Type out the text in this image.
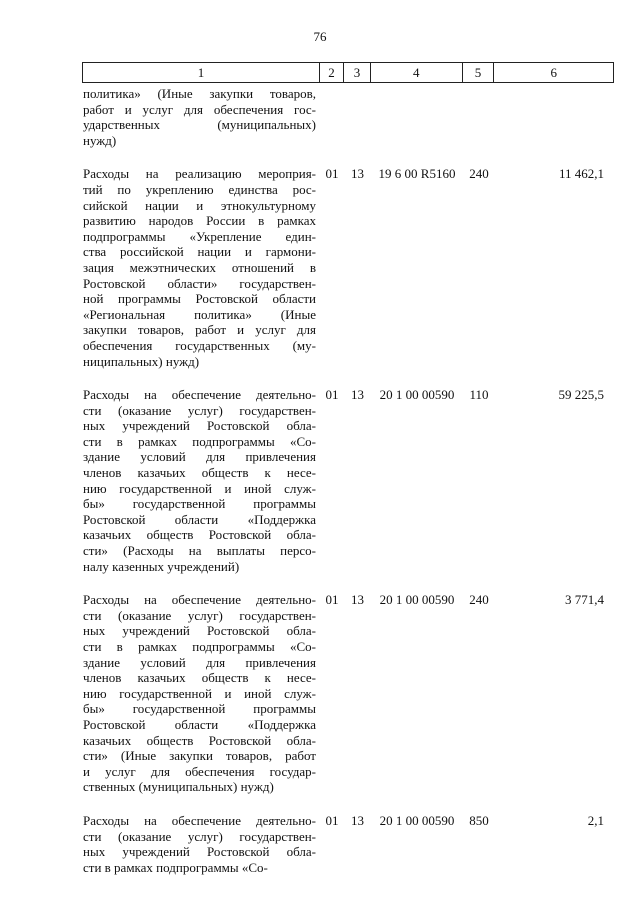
76
1	2	3	4	5	6
политика» (Иные закупки товаров,
работ и услуг для обеспечения гос-
ударственных (муниципальных)
нужд)
Расходы на реализацию мероприя-
тий по укреплению единства рос-
сийской нации и этнокультурному
развитию народов России в рамках
подпрограммы «Укрепление един-
ства российской нации и гармони-
зация межэтнических отношений в
Ростовской области» государствен-
ной программы Ростовской области
«Региональная политика» (Иные
закупки товаров, работ и услуг для
обеспечения государственных (му-
ниципальных) нужд)
01 13	19 6 00 R5160	240	11 462,1
Расходы на обеспечение деятельно-
сти (оказание услуг) государствен-
ных учреждений Ростовской обла-
сти в рамках подпрограммы «Со-
здание условий для привлечения
членов казачьих обществ к несе-
нию государственной и иной служ-
бы» государственной программы
Ростовской области «Поддержка
казачьих обществ Ростовской обла-
сти» (Расходы на выплаты персо-
налу казенных учреждений)
01 13	20 1 00 00590	110	59 225,5
Расходы на обеспечение деятельно-
сти (оказание услуг) государствен-
ных учреждений Ростовской обла-
сти в рамках подпрограммы «Со-
здание условий для привлечения
членов казачьих обществ к несе-
нию государственной и иной служ-
бы» государственной программы
Ростовской области «Поддержка
казачьих обществ Ростовской обла-
сти» (Иные закупки товаров, работ
и услуг для обеспечения государ-
ственных (муниципальных) нужд)
01 13	20 1 00 00590	240	3 771,4
Расходы на обеспечение деятельно-
сти (оказание услуг) государствен-
ных учреждений Ростовской обла-
сти в рамках подпрограммы «Со-
01 13	20 1 00 00590	850	2,1
